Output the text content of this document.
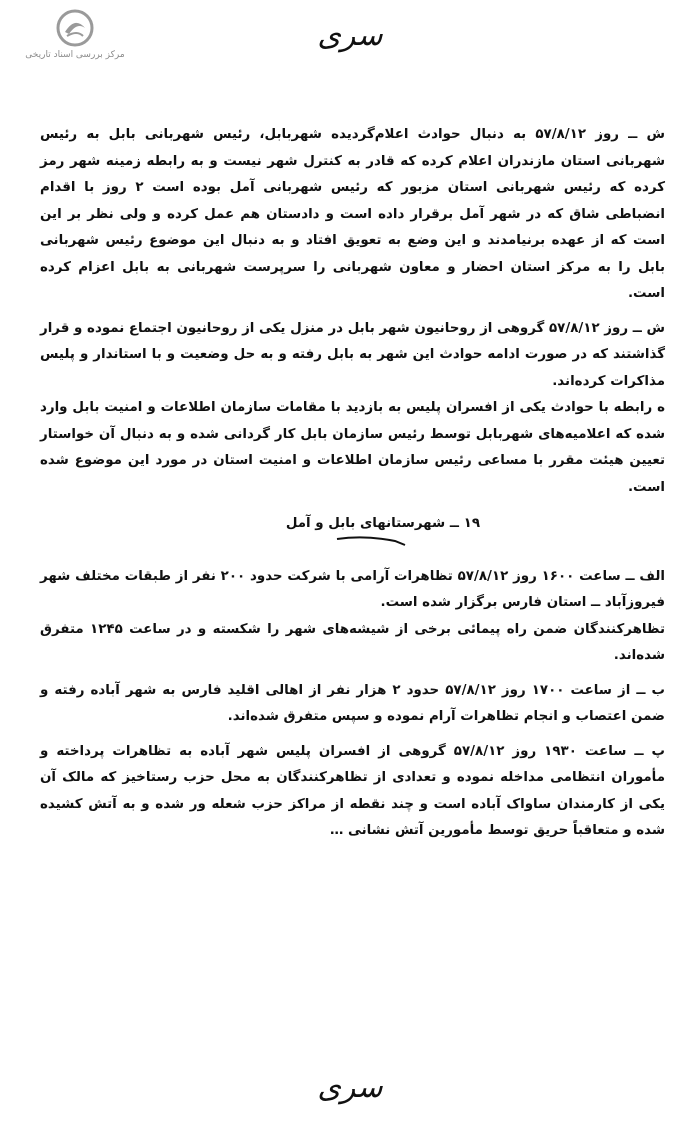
مرکز بررسی اسناد تاریخی
سری

ش ــ روز ۵۷/۸/۱۲ به دنبال حوادث اعلام‌گردیده شهربابل، رئیس شهربانی بابل به رئیس شهربانی استان مازندران اعلام کرده که قادر به کنترل شهر نیست و به رابطه زمینه شهر رمز کرده که رئیس شهربانی استان مزبور که رئیس شهربانی آمل بوده است ۲ روز با اقدام انضباطی شاق که در شهر آمل برقرار داده است و دادستان هم عمل کرده و ولی نظر بر این است که از عهده برنیامدند و این وضع به تعویق افتاد و به دنبال این موضوع رئیس شهربانی بابل را به مرکز استان احضار و معاون شهربانی را سرپرست شهربانی به بابل اعزام کرده است.

ش ــ روز ۵۷/۸/۱۲ گروهی از روحانیون شهر بابل در منزل یکی از روحانیون اجتماع نموده و قرار گذاشتند که در صورت ادامه حوادث این شهر به بابل رفته و به حل وضعیت و با استاندار و پلیس مذاکرات کرده‌اند.

ه رابطه با حوادث یکی از افسران پلیس به بازدید با مقامات سازمان اطلاعات و امنیت بابل وارد شده که اعلامیه‌های شهربابل توسط رئیس سازمان بابل کار گردانی شده و به دنبال آن خواستار تعیین هیئت مقرر با مساعی رئیس سازمان اطلاعات و امنیت استان در مورد این موضوع شده است.

۱۹ ــ شهرستانهای بابل و آمل

الف ــ ساعت ۱۶۰۰ روز ۵۷/۸/۱۲ تظاهرات آرامی با شرکت حدود ۲۰۰ نفر از طبقات مختلف شهر فیروزآباد ــ استان فارس برگزار شده است.

تظاهرکنندگان ضمن راه پیمائی برخی از شیشه‌های شهر را شکسته و در ساعت ۱۲۴۵ متفرق شده‌اند.

ب ــ از ساعت ۱۷۰۰ روز ۵۷/۸/۱۲ حدود ۲ هزار نفر از اهالی اقلید فارس به شهر آباده رفته و ضمن اعتصاب و انجام تظاهرات آرام نموده و سپس متفرق شده‌اند.

پ ــ ساعت ۱۹۳۰ روز ۵۷/۸/۱۲ گروهی از افسران پلیس شهر آباده به تظاهرات پرداخته و مأموران انتظامی مداخله نموده و تعدادی از تظاهرکنندگان به محل حزب رستاخیز که مالک آن یکی از کارمندان ساواک آباده است و چند نقطه از مراکز حزب شعله ور شده و به آتش کشیده شده و متعاقباً حریق توسط مأمورین آتش نشانی …

سری
